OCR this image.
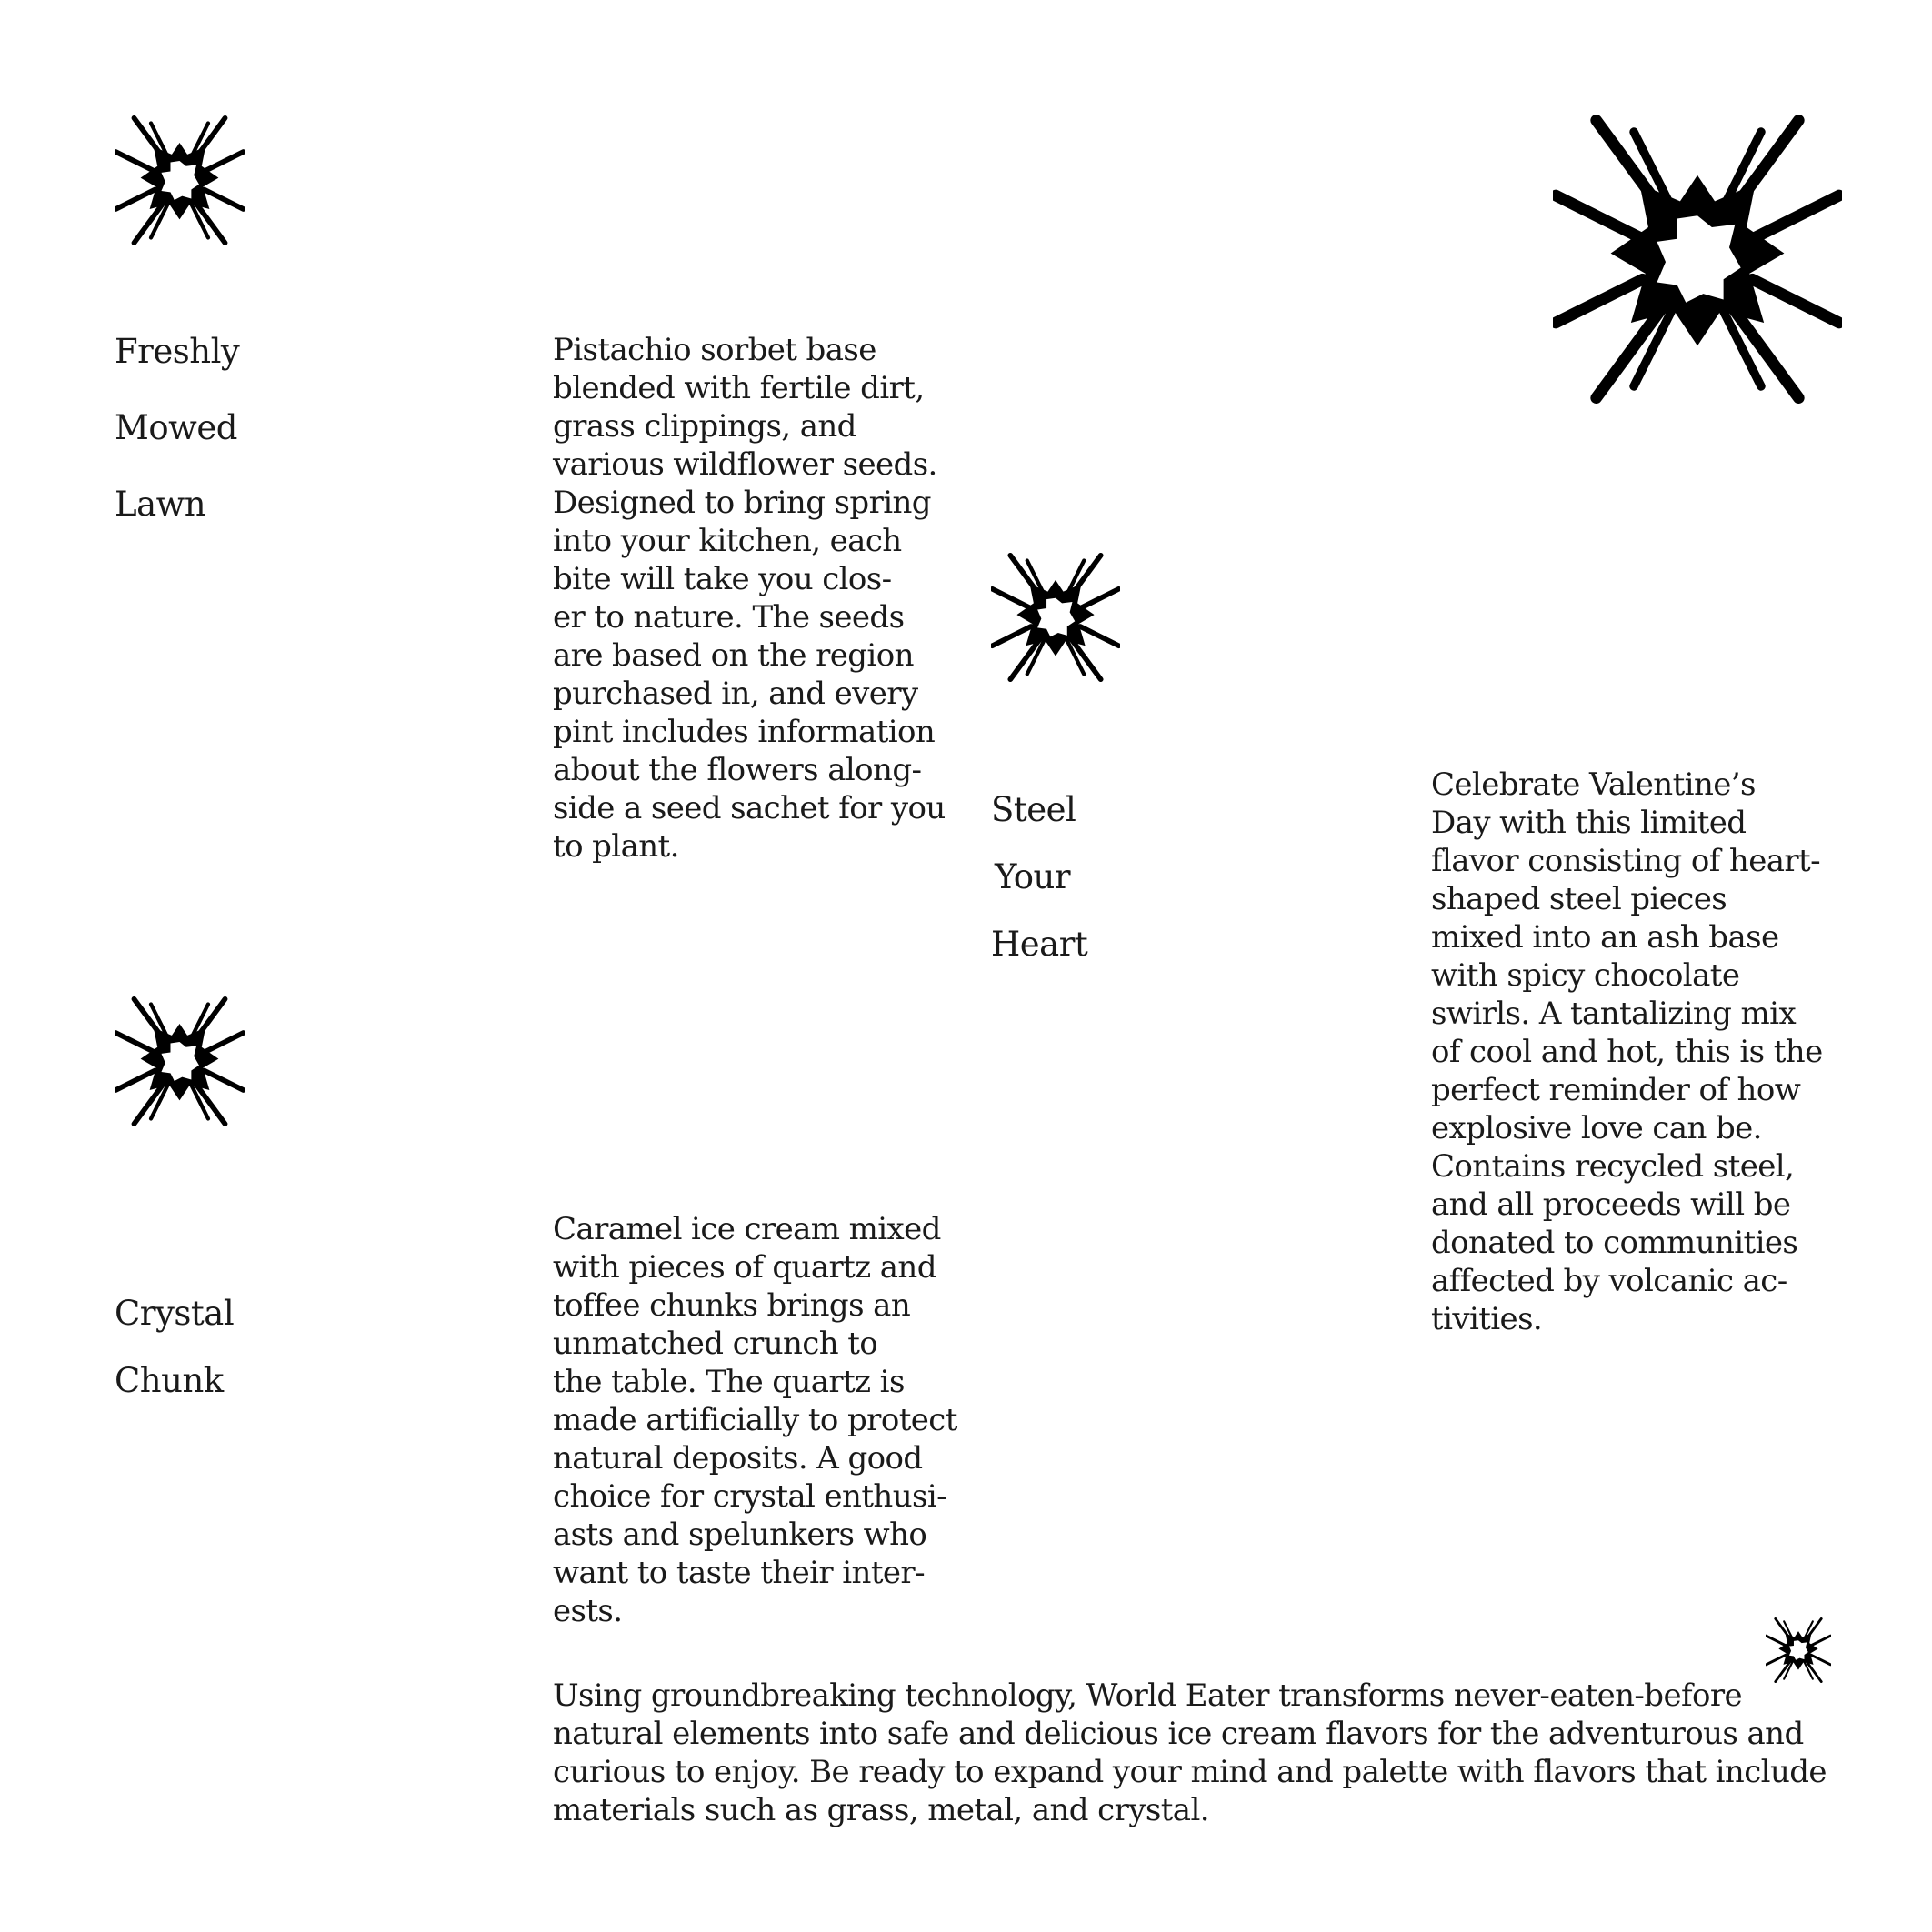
Freshly

Mowed

Lawn

Pistachio sorbet base
blended with fertile dirt,
grass clippings, and
various wildflower seeds.
Designed to bring spring
into your kitchen, each
bite will take you clos-
er to nature. The seeds
are based on the region
purchased in, and every
pint includes information
about the flowers along-
side a seed sachet for you
to plant.

Steel

Your

Heart

Celebrate Valentine’s
Day with this limited
flavor consisting of heart-
shaped steel pieces
mixed into an ash base
with spicy chocolate
swirls. A tantalizing mix
of cool and hot, this is the
perfect reminder of how
explosive love can be.
Contains recycled steel,
and all proceeds will be
donated to communities
affected by volcanic ac-
tivities.

Crystal

Chunk

Caramel ice cream mixed
with pieces of quartz and
toffee chunks brings an
unmatched crunch to
the table. The quartz is
made artificially to protect
natural deposits. A good
choice for crystal enthusi-
asts and spelunkers who
want to taste their inter-
ests.

Using groundbreaking technology, World Eater transforms never-eaten-before
natural elements into safe and delicious ice cream flavors for the adventurous and
curious to enjoy. Be ready to expand your mind and palette with flavors that include
materials such as grass, metal, and crystal.
